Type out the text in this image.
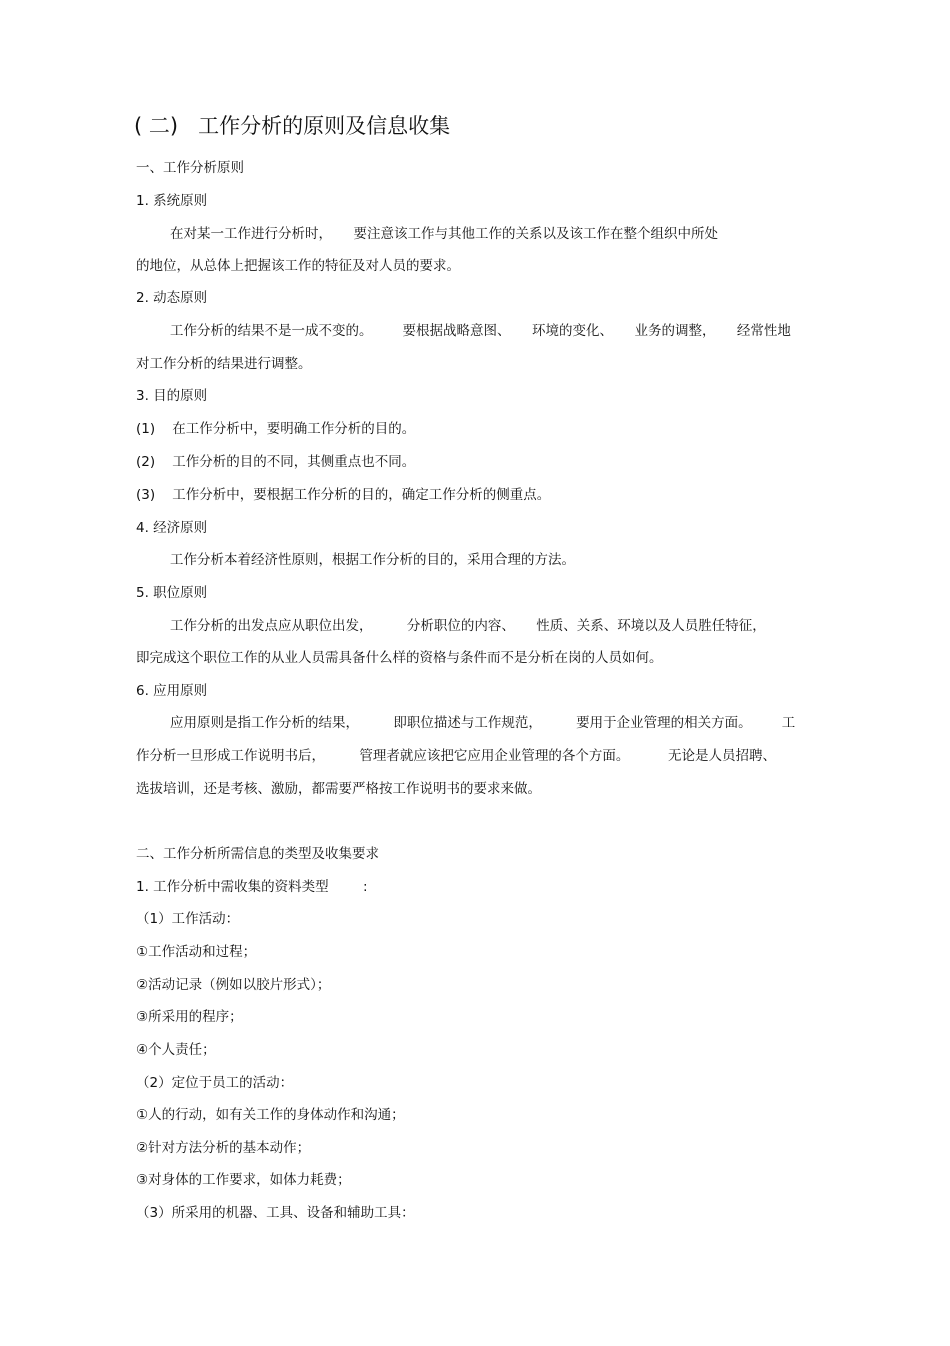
( 二)   工作分析的原则及信息收集
一、工作分析原则
1. 系统原则
在对某一工作进行分析时，     要注意该工作与其他工作的关系以及该工作在整个组织中所处
的地位，从总体上把握该工作的特征及对人员的要求。
2. 动态原则
工作分析的结果不是一成不变的。       要根据战略意图、     环境的变化、     业务的调整，     经常性地
对工作分析的结果进行调整。
3. 目的原则
(1)    在工作分析中，要明确工作分析的目的。
(2)    工作分析的目的不同，其侧重点也不同。
(3)    工作分析中，要根据工作分析的目的，确定工作分析的侧重点。
4. 经济原则
工作分析本着经济性原则，根据工作分析的目的，采用合理的方法。
5. 职位原则
工作分析的出发点应从职位出发，        分析职位的内容、     性质、关系、环境以及人员胜任特征，
即完成这个职位工作的从业人员需具备什么样的资格与条件而不是分析在岗的人员如何。
6. 应用原则
应用原则是指工作分析的结果，        即职位描述与工作规范，        要用于企业管理的相关方面。       工
作分析一旦形成工作说明书后，        管理者就应该把它应用企业管理的各个方面。         无论是人员招聘、
选拔培训，还是考核、激励，都需要严格按工作说明书的要求来做。
二、工作分析所需信息的类型及收集要求
1. 工作分析中需收集的资料类型        :
（1）工作活动：
①工作活动和过程；
②活动记录（例如以胶片形式）；
③所采用的程序；
④个人责任；
（2）定位于员工的活动：
①人的行动，如有关工作的身体动作和沟通；
②针对方法分析的基本动作；
③对身体的工作要求，如体力耗费；
（3）所采用的机器、工具、设备和辅助工具：
